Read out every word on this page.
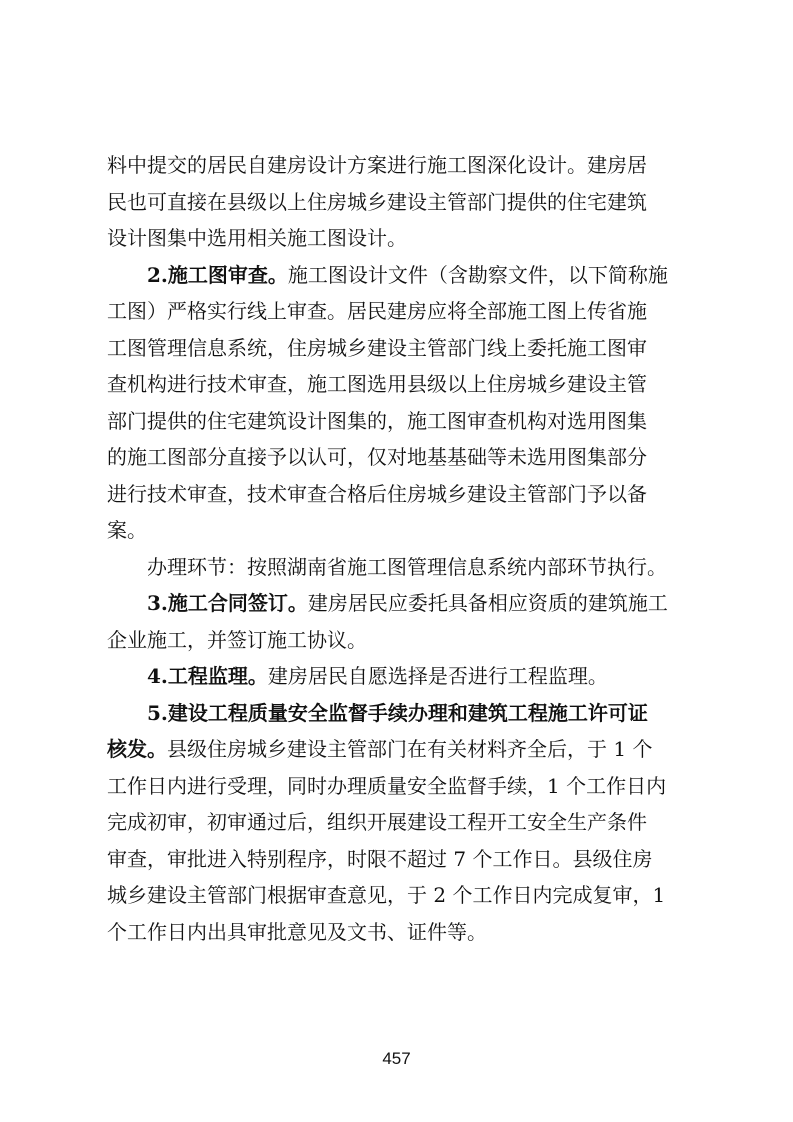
料中提交的居民自建房设计方案进行施工图深化设计。建房居
民也可直接在县级以上住房城乡建设主管部门提供的住宅建筑
设计图集中选用相关施工图设计。
2.施工图审查。施工图设计文件（含勘察文件，以下简称施
工图）严格实行线上审查。居民建房应将全部施工图上传省施
工图管理信息系统，住房城乡建设主管部门线上委托施工图审
查机构进行技术审查，施工图选用县级以上住房城乡建设主管
部门提供的住宅建筑设计图集的，施工图审查机构对选用图集
的施工图部分直接予以认可，仅对地基基础等未选用图集部分
进行技术审查，技术审查合格后住房城乡建设主管部门予以备
案。
办理环节：按照湖南省施工图管理信息系统内部环节执行。
3.施工合同签订。建房居民应委托具备相应资质的建筑施工
企业施工，并签订施工协议。
4.工程监理。建房居民自愿选择是否进行工程监理。
5.建设工程质量安全监督手续办理和建筑工程施工许可证
核发。县级住房城乡建设主管部门在有关材料齐全后，于 1 个
工作日内进行受理，同时办理质量安全监督手续，1 个工作日内
完成初审，初审通过后，组织开展建设工程开工安全生产条件
审查，审批进入特别程序，时限不超过 7 个工作日。县级住房
城乡建设主管部门根据审查意见，于 2 个工作日内完成复审，1
个工作日内出具审批意见及文书、证件等。
457
